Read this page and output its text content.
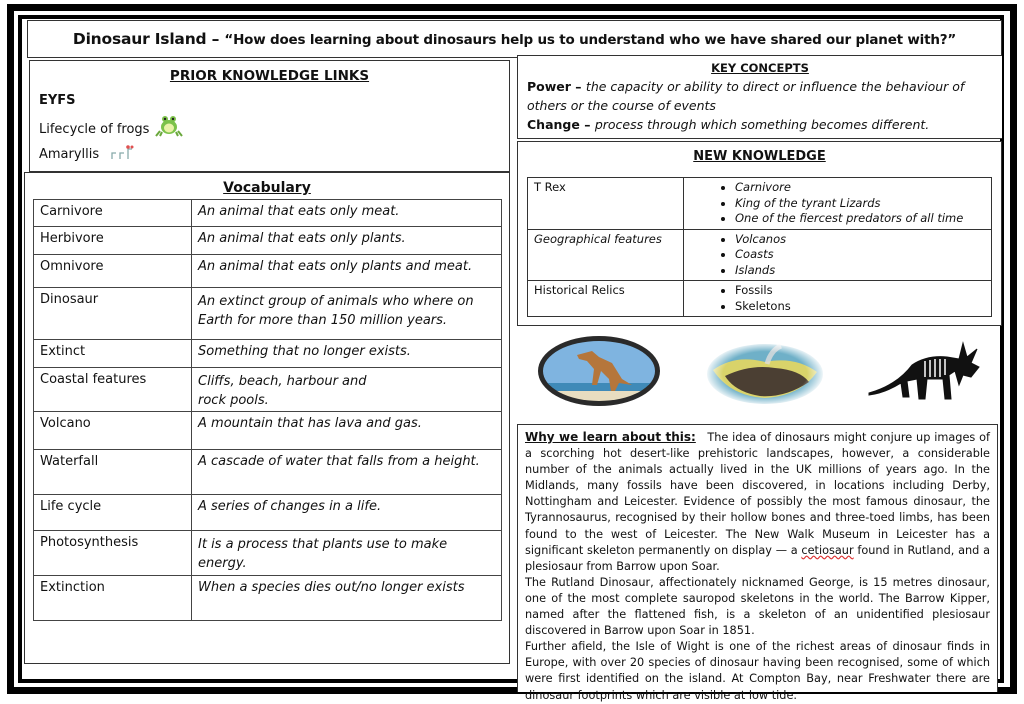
Dinosaur Island – “How does learning about dinosaurs help us to understand who we have shared our planet with?”
PRIOR KNOWLEDGE LINKS
EYFS
Lifecycle of frogs
Amaryllis
Vocabulary
Carnivore	An animal that eats only meat.
Herbivore	An animal that eats only plants.
Omnivore	An animal that eats only plants and meat.
Dinosaur	An extinct group of animals who where on Earth for more than 150 million years.
Extinct	Something that no longer exists.
Coastal features	Cliffs, beach, harbour and rock pools.
Volcano	A mountain that has lava and gas.
Waterfall	A cascade of water that falls from a height.
Life cycle	A series of changes in a life.
Photosynthesis	It is a process that plants use to make energy.
Extinction	When a species dies out/no longer exists
KEY CONCEPTS

Power – the capacity or ability to direct or influence the behaviour of others or the course of events

Change – process through which something becomes different.

NEW KNOWLEDGE
T Rex	
•Carnivore
• King of the tyrant Lizards
• One of the fiercest predators of all time

Geographical features	
•Volcanos
• Coasts
• Islands

Historical Relics	
•Fossils
• Skeletons

Why we learn about this: The idea of dinosaurs might conjure up images of a scorching hot desert-like prehistoric landscapes, however, a considerable number of the animals actually lived in the UK millions of years ago. In the Midlands, many fossils have been discovered, in locations including Derby, Nottingham and Leicester. Evidence of possibly the most famous dinosaur, the Tyrannosaurus, recognised by their hollow bones and three-toed limbs, has been found to the west of Leicester. The New Walk Museum in Leicester has a significant skeleton permanently on display — a cetiosaur found in Rutland, and a plesiosaur from Barrow upon Soar.

The Rutland Dinosaur, affectionately nicknamed George, is 15 metres dinosaur, one of the most complete sauropod skeletons in the world. The Barrow Kipper, named after the flattened fish, is a skeleton of an unidentified plesiosaur discovered in Barrow upon Soar in 1851.

Further afield, the Isle of Wight is one of the richest areas of dinosaur finds in Europe, with over 20 species of dinosaur having been recognised, some of which were first identified on the island. At Compton Bay, near Freshwater there are dinosaur footprints which are visible at low tide.
